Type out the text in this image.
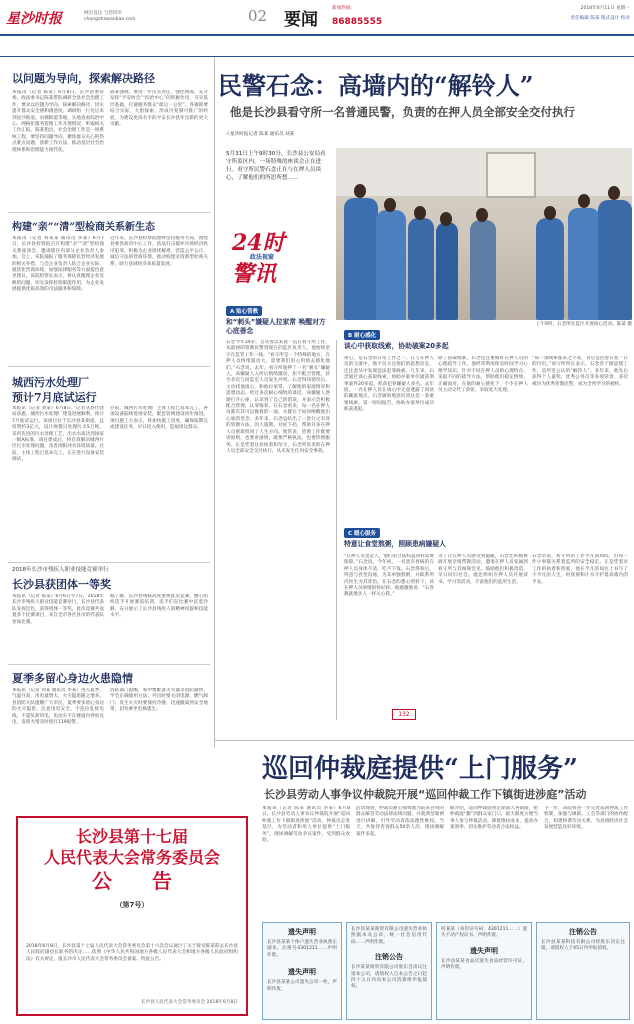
星沙时报	网页直达 与您同步 changshawanbao.com	02 要闻
新闻热线：
86885555
2018年6月11日 星期一
责任编辑 陈某 版式设计 校对
以问题为导向，探索解决路径
本报讯（记者 陈某）6月8日，长沙县委常委、政法委书记陈某带队调研全县社会治理工作，要求以问题为导向，探索解决路径，切实提升群众安全感和满意度。调研组一行先后来到星沙街道、泉塘街道等地，实地查看综治中心、网格化服务管理工作开展情况，听取相关工作汇报。陈某指出，社会治理工作是一项系统工程，要坚持问题导向，聚焦群众关心的热点难点问题，创新工作方法，推动基层社会治理体系和治理能力现代化。
陈某强调，要进一步压实责任，强化统筹，充分发挥“平安协会”“综治中心”的积极作用，夯实基层基础，打通服务群众“最后一公里”。各镇街要结合实际，大胆探索，形成可复制可推广的经验，为建设更高水平的平安长沙县作出新的更大贡献。
构建“亲”“清”型检商关系新生态
本报讯（记者 刘某某 通讯员 李某）6月7日，长沙县检察院召开构建“亲”“清”型检商关系座谈会，邀请辖区内部分企业负责人参加。会上，该院通报了服务保障民营经济发展的相关举措，与会企业负责人结合企业实际，就优化营商环境、加强法律服务等方面提出意见建议。该院检察长表示，将认真梳理企业反映的问题，切实发挥检察职能作用，为企业发展提供优质高效的司法服务和保障。
近年来，长沙县检察院始终坚持服务大局，围绕县委县政府中心工作，依法打击破坏市场经济秩序犯罪，积极为企业排忧解难，营造公平公正、诚信守法的营商环境，推动构建亲清新型检商关系，助力县域经济高质量发展。
城西污水处理厂
预计7月底试运行
本报讯（记者 刘某）6月8日，记者从县住建局获悉，城西污水处理厂建设进展顺利，预计7月底试运行。该项目位于长沙县某街道，总投资约3亿元，设计规模日处理污水5万吨，采用先进的污水处理工艺，出水水质达到国家一级A标准。项目建成后，将有效解决城西片区污水处理问题，改善浏阳河水环境质量。目前，主体工程已基本完工，正在进行设备安装调试。
目前，城西污水处理厂主体工程已基本完工，各项设备陆续进场安装，配套管网建设同步推进。项目施工方表示，将加快施工进度，确保按期完成建设任务，早日投入使用，造福周边群众。
2018年长沙市残疾人职业技能竞赛举行
长沙县获团体一等奖
本报讯（记者 陈某）6月6日至7日，2018年长沙市残疾人职业技能竞赛举行，长沙县代表队发挥出色，获得团体一等奖。此次竞赛共设置多个比赛项目，来自全市各区县市的代表队参加比赛。
据了解，长沙县残联高度重视此次竞赛，精心组织选手开展赛前培训，选手们在比赛中沉着冷静，充分展示了长沙县残疾人的精神风貌和技能水平。
夏季多留心身边火患隐情
本报讯（记者 刘某 通讯员 李某）进入夏季，气温升高，用电量增大，火灾隐患随之增多。县消防大队提醒广大市民，夏季要多留心身边的火灾隐患，注意用电安全，不乱拉乱接电线，不超负荷用电，电动车不在楼道内停放充电，发现火情及时拨打119报警。
消防部门提醒，家中要配备灭火器等消防器材，学会正确使用方法；外出时要关闭电源、燃气阀门；发生火灾时要保持冷静，迅速撤离到安全地带，切勿乘坐电梯逃生。
民警石念：高墙内的“解铃人”
他是长沙县看守所一名普通民警，负责的在押人员全部安全交付执行
☉星沙时报记者 陈某 通讯员 刘某
5月31日上午9时30分，长沙县公安局看守所监区内，一场特殊的座谈会正在进行。看守所民警石念正在与在押人员谈心，了解他们的所思所想……
24时警讯
政法视窗
上午9时，石念所在监区开展谈心活动。陈某 摄
A 贴心管教
和“刺头”嫌疑人拉家常 唤醒对方心底善念
石念今年34岁，自从警以来就一直在看守所工作，从最初的管教民警到现在的监区负责人，他始终坚守在监管工作一线。“看守所是一个特殊的地方，在押人员情绪波动大，需要我们用心用情去感化他们。”石念说。去年，看守所收押了一名“刺头”嫌疑人，该嫌疑人入所后情绪激动，拒不配合管理，甚至多次与同监室人员发生冲突。石念得知情况后，主动找他谈心，和他拉家常，了解他的家庭情况和思想动态。经过多次耐心细致的谈话，该嫌疑人逐渐打开心扉，认识到了自己的错误，并表示会积极配合管理，认罪悔罪。在石念看来，每一名在押人员都有其可以挽救的一面，关键在于如何唤醒他们心底的善念。多年来，石念总结出了一套行之有效的管教方法，因人施教、对症下药，帮助许多在押人员重新找回了人生方向。他常说，管教工作既要讲原则，也要讲感情，既要严格执法，也要热情服务。正是凭着这份执着和坚守，石念所负责的在押人员全部安全交付执行，从未发生任何安全事故。
B 耐心感化
谈心中获取线索，协助破案20多起
谈心，是石念的日常工作之一。在与在押人员的交流中，他不仅关注他们的思想动态，还注意从中发现违法犯罪线索。几年来，石念通过谈心获取线索，协助办案单位破获刑事案件20多起，抓获犯罪嫌疑人多名。去年底，一名在押人员在谈心中无意透露了同伙的藏匿地点，石念敏锐地意识到这是一条重要线索，第一时间报告，协助办案单位成功抓获逃犯。
除了获取线索，石念还注重做好在押人员的心理疏导工作。他经常利用休息时间学习心理学知识，针对不同在押人员的心理特点，采取不同的疏导方法，帮助他们稳定情绪、正确面对。在他的耐心感化下，不少在押人员主动交代了余罪，争取宽大处理。
“每一条线索都来之不易，背后是民警日复一日的付出。”看守所所长表示，石念善于做思想工作，是所里公认的“解铃人”。多年来，他先后获得个人嘉奖、优秀公务员等多项荣誉，多次被评为优秀管教民警，成为全所学习的榜样。
C 暖心服务
特意让食堂熬粥，照顾患病嫌疑人
“在押人员也是人，他们的合法权益同样需要保障。”石念说。今年初，一名患有胃病的在押人员身体不适，吃不下饭。石念得知后，特意与食堂沟通，为其单独熬粥，并联系所内医生为其诊治。在石念的悉心照料下，该在押人员病情很快好转，他感激地说：“石管教就像亲人一样关心我。”
为了让在押人员感受到温暖，石念还积极协调开展亲情帮教活动，邀请在押人员家属到看守所与其视频会见，鼓励他们积极改造，早日回归社会。他还组织在押人员开展读书、学习等活动，丰富他们的监所生活。
石念常说，看守所的工作平凡而琐碎，但每一件小事都关系着监所的安全稳定。正是凭着对工作的执着和热爱，他在平凡的岗位上书写了不平凡的人生，用真情和汗水守护着高墙内的平安。
132
巡回仲裁庭提供“上门服务”
长沙县劳动人事争议仲裁院开展“巡回仲裁工作下镇街进涉庭”活动
本报讯（记者 陈某 通讯员 李某）6月8日，长沙县劳动人事争议仲裁院开展“巡回仲裁工作下镇街进涉庭”活动，仲裁员走进基层，为劳动者和用人单位提供“上门服务”，现场调解劳动争议案件，受到群众欢迎。
活动现场，仲裁员耐心细致地为前来咨询的群众解答劳动法律法规问题，并就典型案例进行讲解，引导劳动者依法理性维权。当天，共接待咨询群众50余人次，现场调解案件多起。
据介绍，巡回仲裁庭将定期深入各镇街，把仲裁庭“搬”到群众家门口，最大限度方便当事人参与仲裁活动，降低维权成本，提高办案效率，切实维护劳动者合法权益。
下一步，该院将进一步完善巡回仲裁工作机制，加强与镇街、工会等部门的协作配合，构建和谐劳动关系，为县域经济社会发展营造良好环境。
长沙县第十七届
人民代表大会常务委员会
公　　告
（第7号）
2018年6月8日，长沙县第十七届人民代表大会常务委员会第十六次会议通过了关于接受陈某辞去长沙县人民政府副县长职务的决定……依照《中华人民共和国地方各级人民代表大会和地方各级人民政府组织法》有关规定，报长沙市人民代表大会常务委员会备案。特此公告。
长沙县人民代表大会常务委员会 2018年6月8日
遗失声明
长沙县某某个体户遗失营业执照正副本，注册号4301211……声明作废。
遗失声明
长沙县某某公司遗失公章一枚，声明作废。
长沙县某某商贸有限公司遗失营业执照副本及公章，统一社会信用代码……声明作废。
注销公告
长沙某某商贸有限公司股东会决议注销本公司，请债权人自本公告之日起四十五日内向本公司清算组申报债权。
何某某（身份证号码：4301211……）遗失不动产权证书，声明作废。
遗失声明
长沙县某某食品店遗失食品经营许可证，声明作废。
注销公告
长沙县某某科技有限公司经股东决定注销，请债权人于45日内申报债权。
